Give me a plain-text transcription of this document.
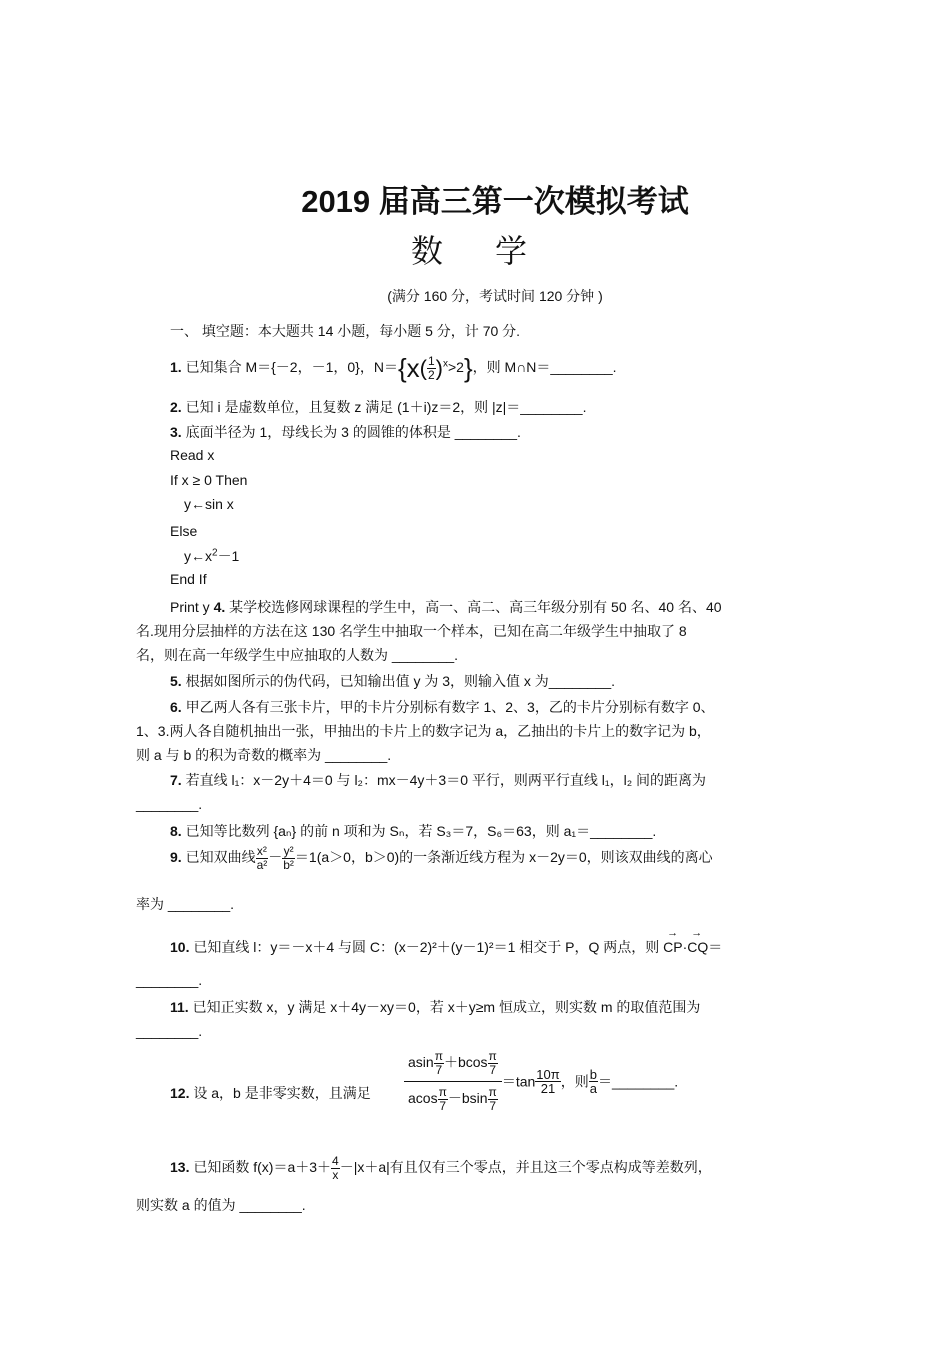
2019 届高三第一次模拟考试
数学
(满分 160 分，考试时间 120 分钟 )
一、 填空题：本大题共 14 小题，每小题 5 分，计 70 分.
1. 已知集合 M＝{－2，－1，0}，$N=\{x( \frac{1}{2} )^x>2\}$，则 M∩N＝________.
2. 已知 i 是虚数单位，且复数 z 满足 (1＋i)z＝2，则 |z|＝________.
3. 底面半径为 1，母线长为 3 的圆锥的体积是 ________.
Read x
If x ≥ 0 Then
y←sin x
Else
$y\leftarrow x^2-1$
End If
Print y 4. 某学校选修网球课程的学生中，高一、高二、高三年级分别有 50 名、40 名、40
名.现用分层抽样的方法在这 130 名学生中抽取一个样本，已知在高二年级学生中抽取了 8
名，则在高一年级学生中应抽取的人数为 ________.
5. 根据如图所示的伪代码，已知输出值 y 为 3，则输入值 x 为________.
6. 甲乙两人各有三张卡片，甲的卡片分别标有数字 1、2、3，乙的卡片分别标有数字 0、
1、3.两人各自随机抽出一张，甲抽出的卡片上的数字记为 a，乙抽出的卡片上的数字记为 b，
则 a 与 b 的积为奇数的概率为 ________.
7. 若直线 l₁：x－2y＋4＝0 与 l₂：mx－4y＋3＝0 平行，则两平行直线 l₁，l₂ 间的距离为
________.
8. 已知等比数列 {aₙ} 的前 n 项和为 Sₙ，若 S₃＝7，S₆＝63，则 a₁＝________.
9. 已知双曲线 $\frac{\text{x²}}{\text{a²}} - \frac{\text{y²}}{\text{b²}} =1(a>0$，b＞0)的一条渐近线方程为 x－2y＝0，则该双曲线的离心
率为 ________.
10. 已知直线 l：y＝－x＋4 与圆 C：(x－2)²＋(y－1)²＝1 相交于 P，Q 两点，则 → CP·→ CQ＝
________.
11. 已知正实数 x，y 满足 x＋4y－xy＝0，若 x＋y≥m 恒成立，则实数 m 的取值范围为
________.
12. 设 a，b 是非零实数，且满足 $\frac{asin \frac{\pi}{7} +bcos \frac{\pi}{7}}{acos \frac{\pi}{7} -bsin \frac{\pi}{7}} =\tan \frac{10\pi}{21}$ ，则 $\frac{b}{a}$ ＝________.
13. 已知函数 $f(x)=a+3+ \frac{4}{x} -|x+a|$有且仅有三个零点，并且这三个零点构成等差数列，
则实数 a 的值为 ________.
